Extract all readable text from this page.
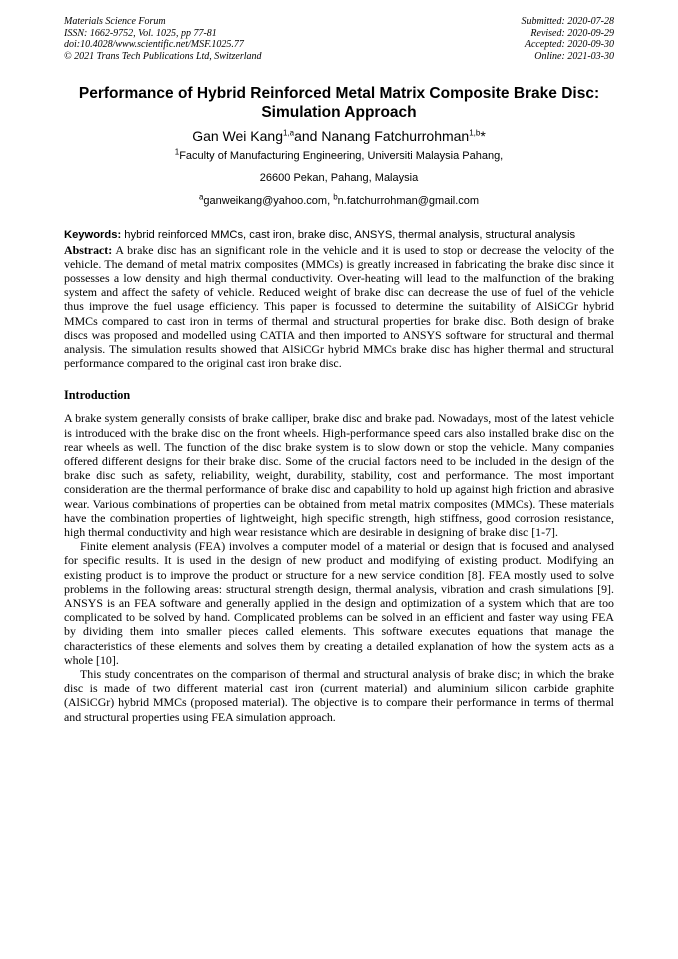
Materials Science Forum
ISSN: 1662-9752, Vol. 1025, pp 77-81
doi:10.4028/www.scientific.net/MSF.1025.77
© 2021 Trans Tech Publications Ltd, Switzerland
Submitted: 2020-07-28
Revised: 2020-09-29
Accepted: 2020-09-30
Online: 2021-03-30
Performance of Hybrid Reinforced Metal Matrix Composite Brake Disc:
Simulation Approach
Gan Wei Kang$^{1,a}$and Nanang Fatchurrohman$^{1,b}$*
$^1$Faculty of Manufacturing Engineering, Universiti Malaysia Pahang,
26600 Pekan, Pahang, Malaysia
$^a$ganweikang@yahoo.com, $^b$n.fatchurrohman@gmail.com
Keywords: hybrid reinforced MMCs, cast iron, brake disc, ANSYS, thermal analysis, structural analysis

Abstract: A brake disc has an significant role in the vehicle and it is used to stop or decrease the velocity of the vehicle. The demand of metal matrix composites (MMCs) is greatly increased in fabricating the brake disc since it possesses a low density and high thermal conductivity. Over-heating will lead to the malfunction of the braking system and affect the safety of vehicle. Reduced weight of brake disc can decrease the use of fuel of the vehicle thus improve the fuel usage efficiency. This paper is focussed to determine the suitability of AlSiCGr hybrid MMCs compared to cast iron in terms of thermal and structural properties for brake disc. Both design of brake discs was proposed and modelled using CATIA and then imported to ANSYS software for structural and thermal analysis. The simulation results showed that AlSiCGr hybrid MMCs brake disc has higher thermal and structural performance compared to the original cast iron brake disc.

Introduction

A brake system generally consists of brake calliper, brake disc and brake pad. Nowadays, most of the latest vehicle is introduced with the brake disc on the front wheels. High-performance speed cars also installed brake disc on the rear wheels as well. The function of the disc brake system is to slow down or stop the vehicle. Many companies offered different designs for their brake disc. Some of the crucial factors need to be included in the design of the brake disc such as safety, reliability, weight, durability, stability, cost and performance. The most important consideration are the thermal performance of brake disc and capability to hold up against high friction and abrasive wear. Various combinations of properties can be obtained from metal matrix composites (MMCs). These materials have the combination properties of lightweight, high specific strength, high stiffness, good corrosion resistance, high thermal conductivity and high wear resistance which are desirable in designing of brake disc [1-7].

Finite element analysis (FEA) involves a computer model of a material or design that is focused and analysed for specific results. It is used in the design of new product and modifying of existing product. Modifying an existing product is to improve the product or structure for a new service condition [8]. FEA mostly used to solve problems in the following areas: structural strength design, thermal analysis, vibration and crash simulations [9]. ANSYS is an FEA software and generally applied in the design and optimization of a system which that are too complicated to be solved by hand. Complicated problems can be solved in an efficient and faster way using FEA by dividing them into smaller pieces called elements. This software executes equations that manage the characteristics of these elements and solves them by creating a detailed explanation of how the system acts as a whole [10].

This study concentrates on the comparison of thermal and structural analysis of brake disc; in which the brake disc is made of two different material cast iron (current material) and aluminium silicon carbide graphite (AlSiCGr) hybrid MMCs (proposed material). The objective is to compare their performance in terms of thermal and structural properties using FEA simulation approach.
